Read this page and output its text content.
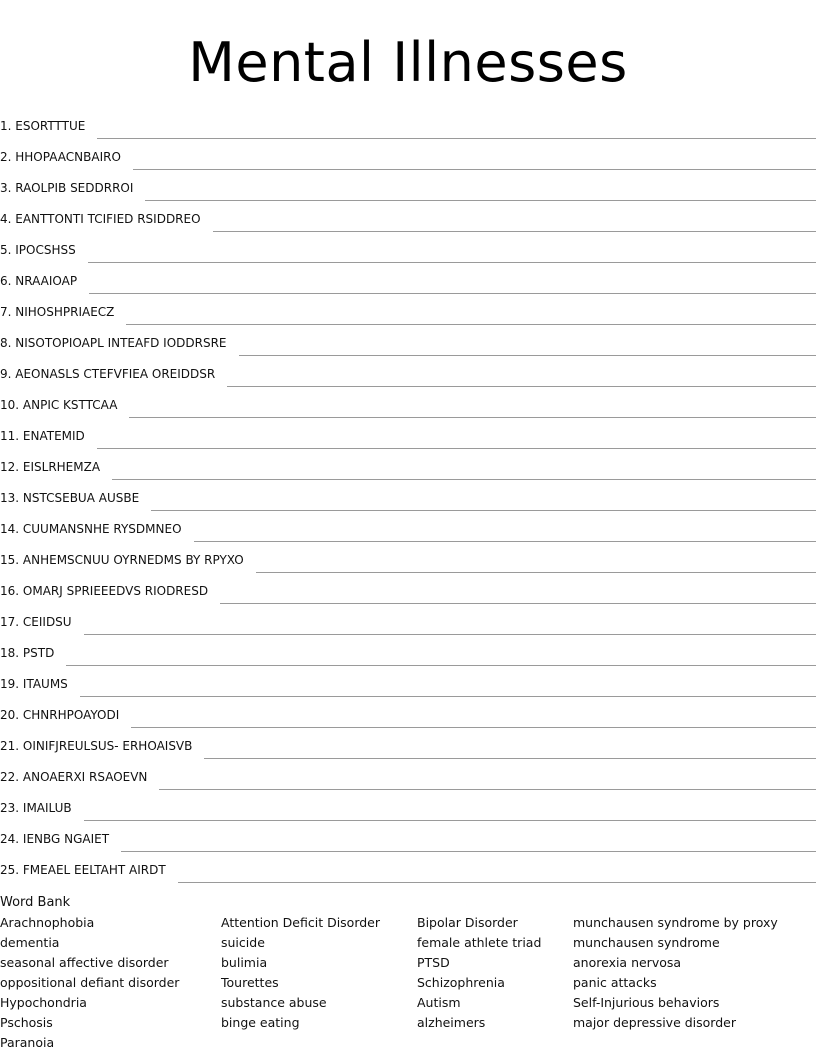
Mental Illnesses
1. ESORTTTUE
2. HHOPAACNBAIRO
3. RAOLPIB SEDDRROI
4. EANTTONTI TCIFIED RSIDDREO
5. IPOCSHSS
6. NRAAIOAP
7. NIHOSHPRIAECZ
8. NISOTOPIOAPL INTEAFD IODDRSRE
9. AEONASLS CTEFVFIEA OREIDDSR
10. ANPIC KSTTCAA
11. ENATEMID
12. EISLRHEMZA
13. NSTCSEBUA AUSBE
14. CUUMANSNHE RYSDMNEO
15. ANHEMSCNUU OYRNEDMS BY RPYXO
16. OMARJ SPRIEEEDVS RIODRESD
17. CEIIDSU
18. PSTD
19. ITAUMS
20. CHNRHPOAYODI
21. OINIFJREULSUS- ERHOAISVB
22. ANOAERXI RSAOEVN
23. IMAILUB
24. IENBG NGAIET
25. FMEAEL EELTAHT AIRDT
Word Bank
Arachnophobia
dementia
seasonal affective disorder
oppositional defiant disorder
Hypochondria
Pschosis
Paranoia
Attention Deficit Disorder
suicide
bulimia
Tourettes
substance abuse
binge eating
Bipolar Disorder
female athlete triad
PTSD
Schizophrenia
Autism
alzheimers
munchausen syndrome by proxy
munchausen syndrome
anorexia nervosa
panic attacks
Self-Injurious behaviors
major depressive disorder
